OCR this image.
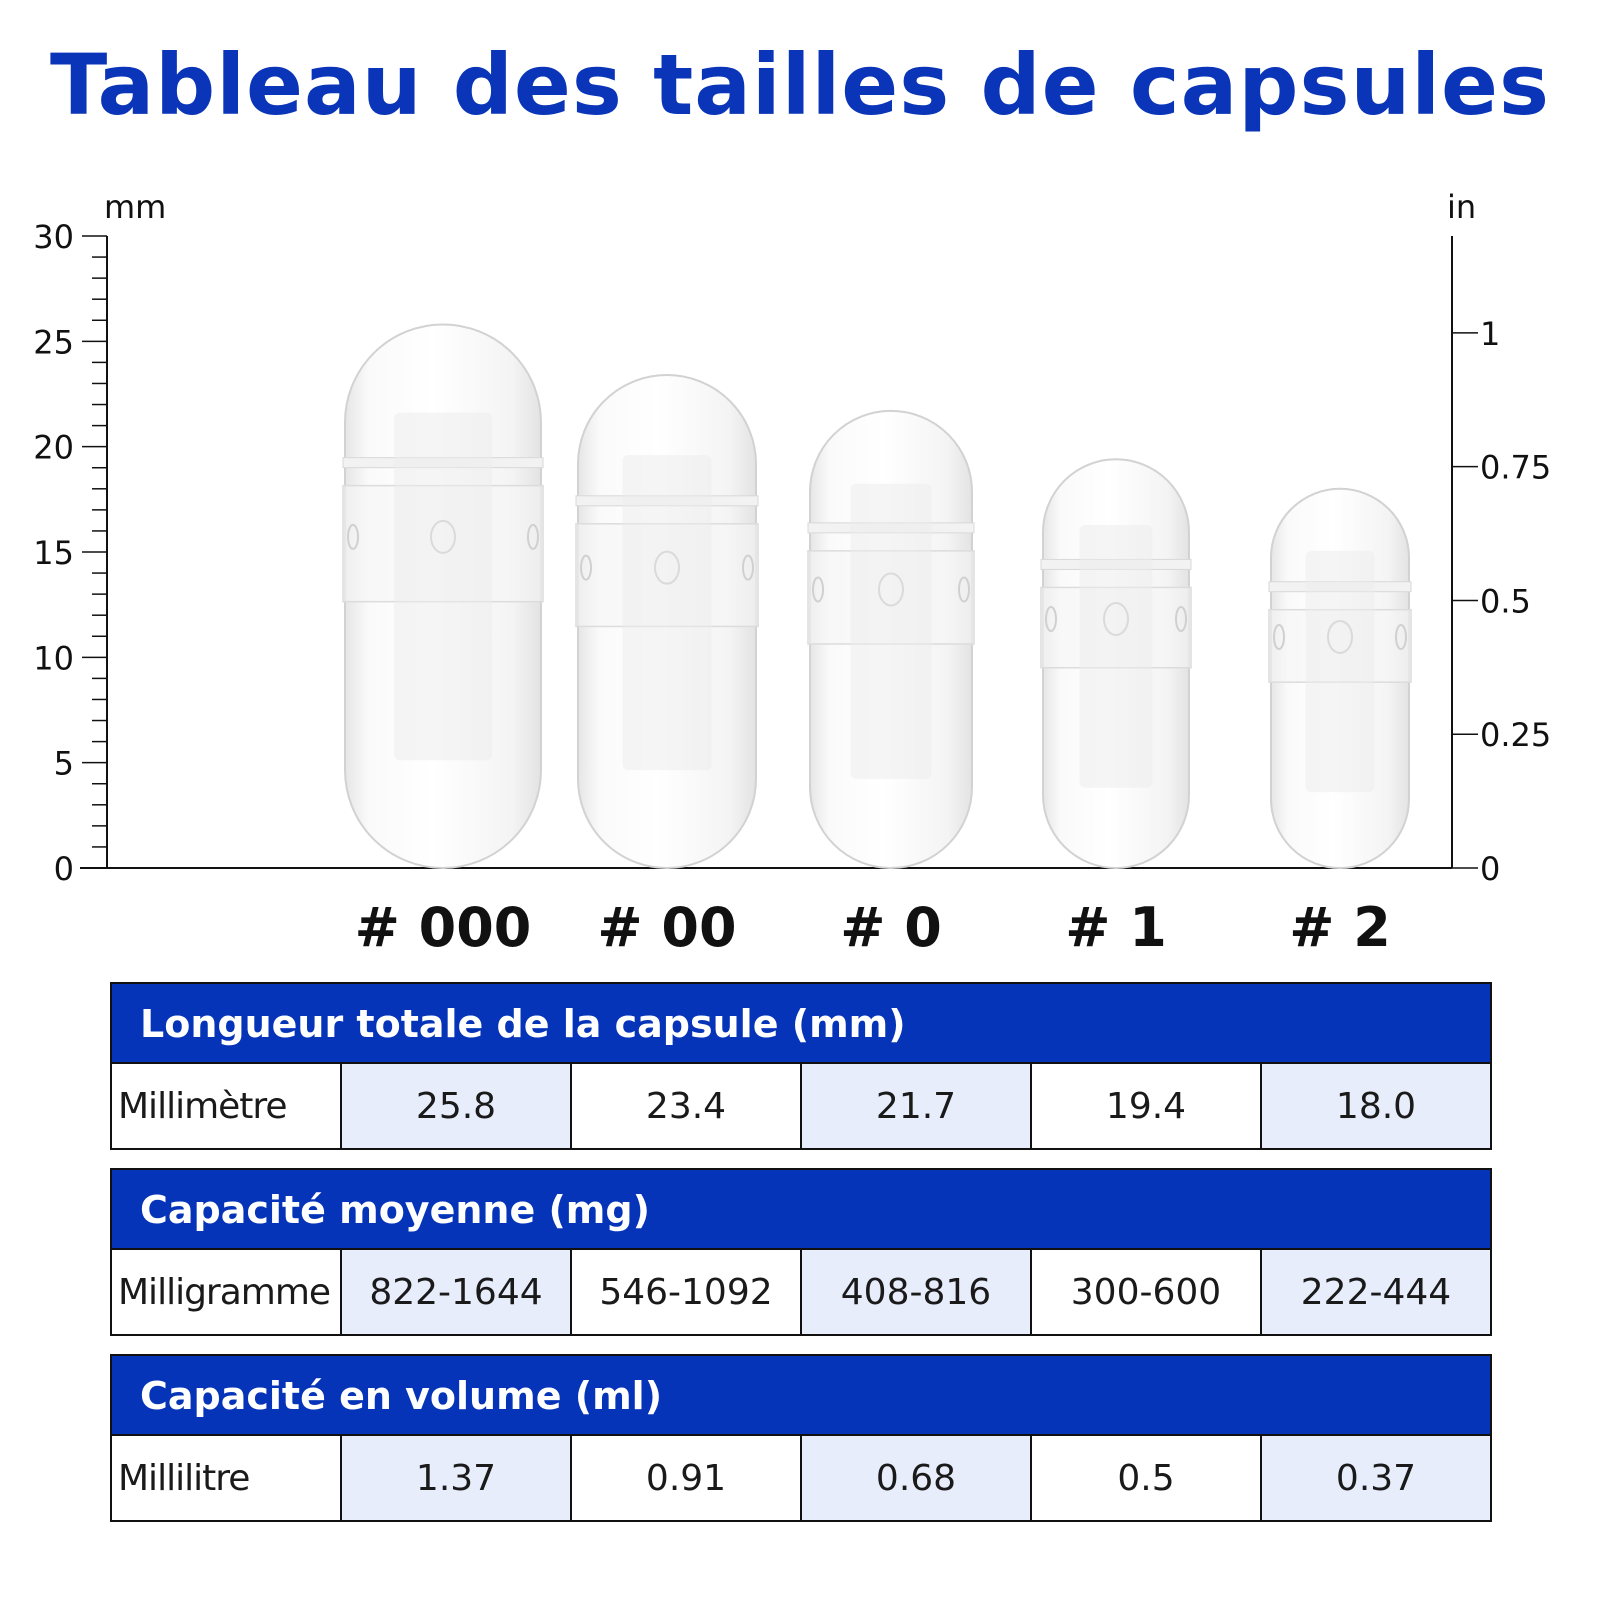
Tableau des tailles de capsules
0
5
10
15
20
25
30
mm
0
0.25
0.5
0.75
1
in
# 000 # 00 # 0 # 1 # 2
Longueur totale de la capsule (mm)
Millimètre	25.8	23.4	21.7	19.4	18.0
Capacité moyenne (mg)
Milligramme	822-1644	546-1092	408-816	300-600	222-444
Capacité en volume (ml)
Millilitre	1.37	0.91	0.68	0.5	0.37
